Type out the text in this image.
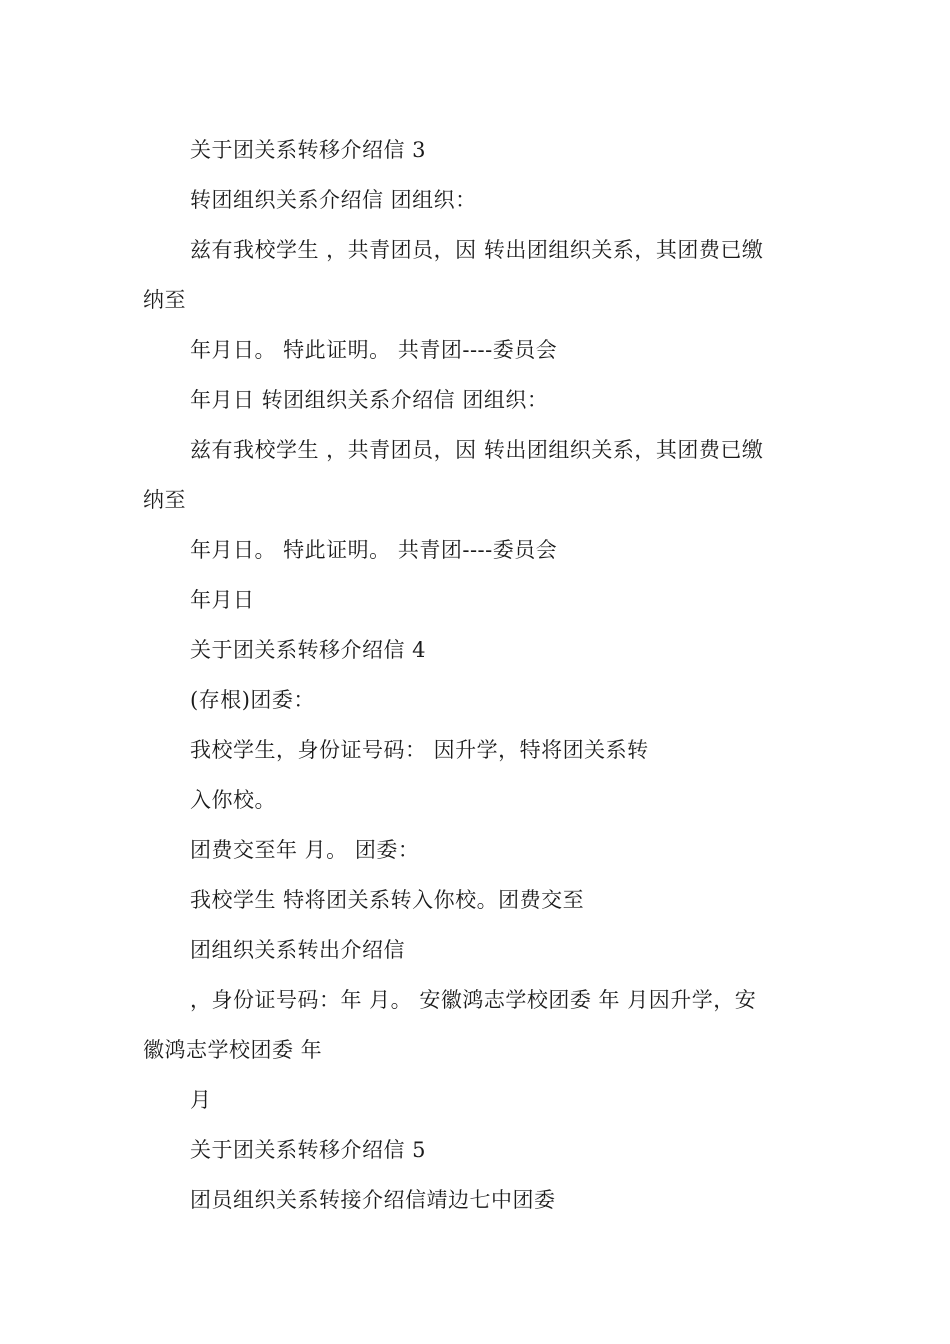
关于团关系转移介绍信 3
转团组织关系介绍信 团组织：
兹有我校学生 ，共青团员，因 转出团组织关系，其团费已缴
纳至
年月日。 特此证明。 共青团----委员会
年月日 转团组织关系介绍信 团组织：
兹有我校学生 ，共青团员，因 转出团组织关系，其团费已缴
纳至
年月日。 特此证明。 共青团----委员会
年月日
关于团关系转移介绍信 4
(存根)团委：
我校学生，身份证号码： 因升学，特将团关系转
入你校。
团费交至年 月。 团委：
我校学生 特将团关系转入你校。团费交至
团组织关系转出介绍信
，身份证号码：年 月。 安徽鸿志学校团委 年 月因升学，安
徽鸿志学校团委 年
月
关于团关系转移介绍信 5
团员组织关系转接介绍信靖边七中团委
